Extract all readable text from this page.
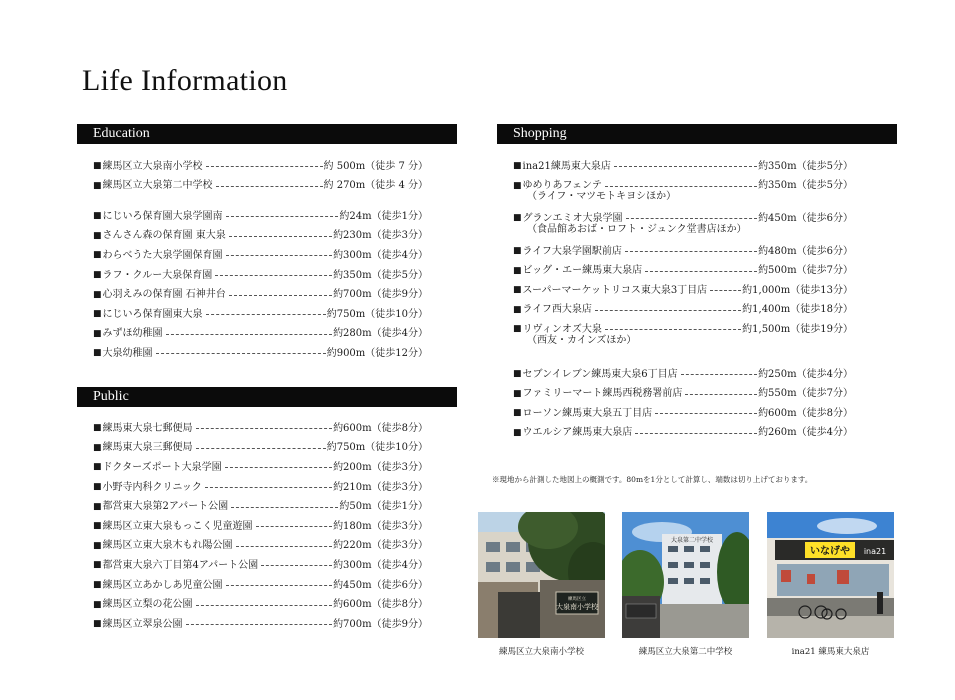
Life Information
Education
■ 練馬区立大泉南小学校	約 500m（徒歩 7 分）
■ 練馬区立大泉第二中学校	約 270m（徒歩 4 分）
■ にじいろ保育園大泉学園南	約24m（徒歩1分）
■ さんさん森の保育園 東大泉	約230m（徒歩3分）
■ わらべうた大泉学園保育園	約300m（徒歩4分）
■ ラフ・クルー大泉保育園	約350m（徒歩5分）
■ 心羽えみの保育園 石神井台	約700m（徒歩9分）
■ にじいろ保育園東大泉	約750m（徒歩10分）
■ みずほ幼稚園	約280m（徒歩4分）
■ 大泉幼稚園	約900m（徒歩12分）
Public
■ 練馬東大泉七郵便局	約600m（徒歩8分）
■ 練馬東大泉三郵便局	約750m（徒歩10分）
■ ドクターズポート大泉学園	約200m（徒歩3分）
■ 小野寺内科クリニック	約210m（徒歩3分）
■ 都営東大泉第2アパート公園	約50m（徒歩1分）
■ 練馬区立東大泉もっこく児童遊園	約180m（徒歩3分）
■ 練馬区立東大泉木もれ陽公園	約220m（徒歩3分）
■ 都営東大泉六丁目第4アパート公園	約300m（徒歩4分）
■ 練馬区立あかしあ児童公園	約450m（徒歩6分）
■ 練馬区立梨の花公園	約600m（徒歩8分）
■ 練馬区立翠泉公園	約700m（徒歩9分）
Shopping
■ ina21練馬東大泉店	約350m（徒歩5分）
■ ゆめりあフェンテ	約350m（徒歩5分）
（ライフ・マツモトキヨシほか）
■ グランエミオ大泉学園	約450m（徒歩6分）
（食品館あおば・ロフト・ジュンク堂書店ほか）
■ ライフ大泉学園駅前店	約480m（徒歩6分）
■ ビッグ・エー練馬東大泉店	約500m（徒歩7分）
■ スーパーマーケットリコス東大泉3丁目店	約1,000m（徒歩13分）
■ ライフ西大泉店	約1,400m（徒歩18分）
■ リヴィンオズ大泉	約1,500m（徒歩19分）
（西友・カインズほか）
■ セブンイレブン練馬東大泉6丁目店	約250m（徒歩4分）
■ ファミリーマート練馬西税務署前店	約550m（徒歩7分）
■ ローソン練馬東大泉五丁目店	約600m（徒歩8分）
■ ウエルシア練馬東大泉店	約260m（徒歩4分）
※現地から計測した地図上の概測です。80mを1分として計算し、端数は切り上げております。
練馬区立
大泉南小学校
練馬区立大泉南小学校
大泉第二中学校
練馬区立大泉第二中学校
いなげや ina21
ina21 練馬東大泉店
